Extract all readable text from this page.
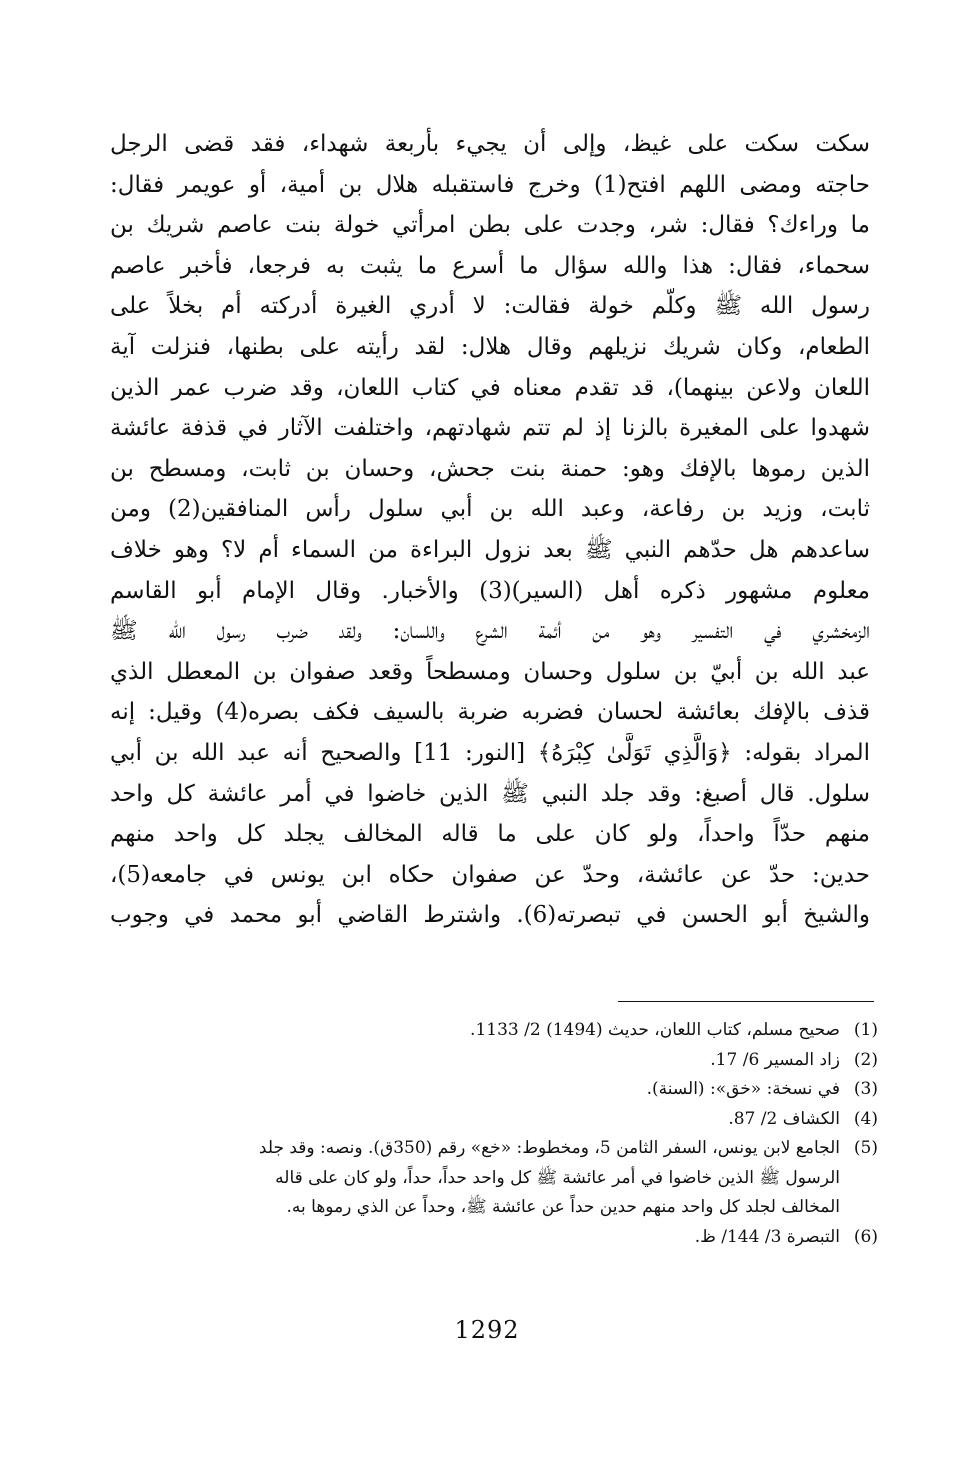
سكت سكت على غيظ، وإلى أن يجيء بأربعة شهداء، فقد قضى الرجل
حاجته ومضى اللهم افتح(1) وخرج فاستقبله هلال بن أمية، أو عويمر فقال:
ما وراءك؟ فقال: شر، وجدت على بطن امرأتي خولة بنت عاصم شريك بن
سحماء، فقال: هذا والله سؤال ما أسرع ما يثبت به فرجعا، فأخبر عاصم
رسول الله ﷺ وكلّم خولة فقالت: لا أدري الغيرة أدركته أم بخلاً على
الطعام، وكان شريك نزيلهم وقال هلال: لقد رأيته على بطنها، فنزلت آية
اللعان ولاعن بينهما)، قد تقدم معناه في كتاب اللعان، وقد ضرب عمر الذين
شهدوا على المغيرة بالزنا إذ لم تتم شهادتهم، واختلفت الآثار في قذفة عائشة
الذين رموها بالإفك وهو: حمنة بنت جحش، وحسان بن ثابت، ومسطح بن
ثابت، وزيد بن رفاعة، وعبد الله بن أبي سلول رأس المنافقين(2) ومن
ساعدهم هل حدّهم النبي ﷺ بعد نزول البراءة من السماء أم لا؟ وهو خلاف
معلوم مشهور ذكره أهل (السير)(3) والأخبار. وقال الإمام أبو القاسم
الزمخشري في التفسير وهو من أئمة الشرع واللسان: ولقد ضرب رسول الله ﷺ
عبد الله بن أبيّ بن سلول وحسان ومسطحاً وقعد صفوان بن المعطل الذي
قذف بالإفك بعائشة لحسان فضربه ضربة بالسيف فكف بصره(4) وقيل: إنه
المراد بقوله: ﴿وَالَّذِي تَوَلَّىٰ كِبْرَهُ﴾ [النور: 11] والصحيح أنه عبد الله بن أبي
سلول. قال أصبغ: وقد جلد النبي ﷺ الذين خاضوا في أمر عائشة كل واحد
منهم حدّاً واحداً، ولو كان على ما قاله المخالف يجلد كل واحد منهم
حدين: حدّ عن عائشة، وحدّ عن صفوان حكاه ابن يونس في جامعه(5)،
والشيخ أبو الحسن في تبصرته(6). واشترط القاضي أبو محمد في وجوب
(1)
صحيح مسلم، كتاب اللعان، حديث (1494) 2/ 1133.
(2)
زاد المسير 6/ 17.
(3)
في نسخة: «خق»: (السنة).
(4)
الكشاف 2/ 87.
(5)
الجامع لابن يونس، السفر الثامن 5، ومخطوط: «خع» رقم (350ق). ونصه: وقد جلد
الرسول ﷺ الذين خاضوا في أمر عائشة ﷺ كل واحد حداً، حداً، ولو كان على قاله
المخالف لجلد كل واحد منهم حدين حداً عن عائشة ﷺ، وحداً عن الذي رموها به.
(6)
التبصرة 3/ 144/ ظ.
1292
